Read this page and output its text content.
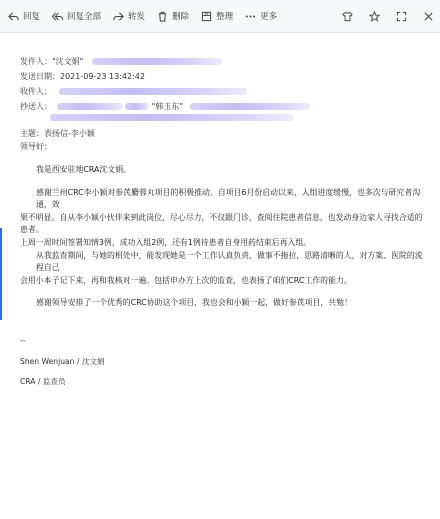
回复	回复全部	转发	删除	整理	更多
发件人："沈文娟"
发送日期：2021-09-23 13:42:42
收件人：
抄送人：	"韩玉东"
主题：表扬信-李小颖
领导好：

我是西安驻地CRA沈文娟。

感谢兰州CRC李小颖对参芪麝蓉丸项目的积极推动。自项目6月份启动以来，入组进度缓慢，也多次与研究者沟通，效

果不明显。自从李小颖小伙伴来到此岗位，尽心尽力，不仅跟门诊，查阅住院患者信息，也发动身边家人寻找合适的患者。

上周一周时间签署知情3例，成功入组2例，还有1例待患者自身用药结束后再入组。

从我监查期间，与她的相处中，能发现她是一个工作认真负责、做事不拖拉，思路清晰的人，对方案、医院的流程自己

会用小本子记下来，再和我核对一遍。包括申办方上次的监查，也表扬了咱们CRC工作的能力。

感谢领导安排了一个优秀的CRC协助这个项目，我也会和小颖一起，做好参芪项目，共勉！

--
Shen Wenjuan / 沈文娟
CRA / 监查员
